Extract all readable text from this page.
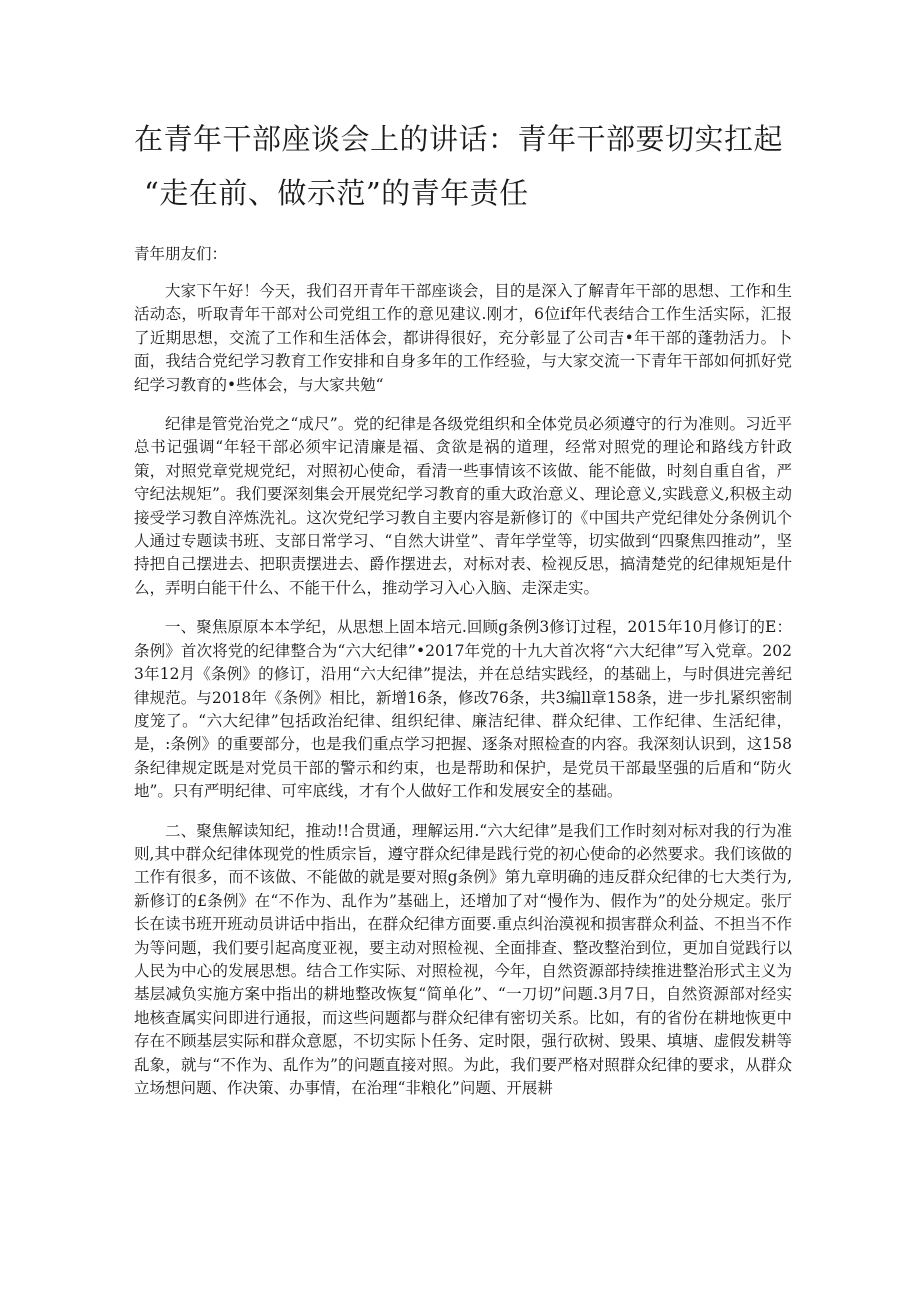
在青年干部座谈会上的讲话：青年干部要切实扛起
“走在前、做示范”的青年责任

青年朋友们：

大家下午好！今天，我们召开青年干部座谈会，目的是深入了解青年干部的思想、工作和生活动态，听取青年干部对公司党组工作的意见建议.刚才，6位if年代表结合工作生活实际，汇报了近期思想，交流了工作和生活体会，都讲得很好，充分彰显了公司吉•年干部的蓬勃活力。卜面，我结合党纪学习教育工作安排和自身多年的工作经验，与大家交流一下青年干部如何抓好党纪学习教育的•些体会，与大家共勉“

纪律是管党治党之“成尺”。党的纪律是各级党组织和全体党员必须遵守的行为准则。习近平总书记强调“年轻干部必须牢记清廉是福、贪欲是祸的道理，经常对照党的理论和路线方针政策，对照党章党规党纪，对照初心使命，看清一些事情该不该做、能不能做，时刻自重自省，严守纪法规矩”。我们要深刻集会开展党纪学习教育的重大政治意义、理论意义,实践意义,积极主动接受学习教自淬炼洗礼。这次党纪学习教自主要内容是新修订的《中国共产党纪律处分条例讥个人通过专题读书班、支部日常学习、“自然大讲堂”、青年学堂等，切实做到“四聚焦四推动”，坚持把自己摆进去、把职责摆进去、爵作摆进去，对标对表、检视反思，搞清楚党的纪律规矩是什么，弄明白能干什么、不能干什么，推动学习入心入脑、走深走实。

一、聚焦原原本本学纪，从思想上固本培元.回顾g条例3修订过程，2015年10月修订的E：条例》首次将党的纪律整合为“六大纪律”•2017年党的十九大首次将“六大纪律”写入党章。2023年12月《条例》的修订，沿用“六大纪律”提法，并在总结实践经，的基础上，与时俱进完善纪律规范。与2018年《条例》相比，新增16条，修改76条，共3编ll章158条，进一步扎紧织密制度笼了。“六大纪律”包括政治纪律、组织纪律、廉洁纪律、群众纪律、工作纪律、生活纪律，是，:条例》的重要部分，也是我们重点学习把握、逐条对照检查的内容。我深刻认识到，这158条纪律规定既是对党员干部的警示和约束，也是帮助和保护，是党员干部最坚强的后盾和“防火地”。只有严明纪律、可牢底线，才有个人做好工作和发展安全的基础。

二、聚焦解读知纪，推动!!合贯通，理解运用.“六大纪律”是我们工作时刻对标对我的行为准则,其中群众纪律体现党的性质宗旨，遵守群众纪律是践行党的初心使命的必然要求。我们该做的工作有很多，而不该做、不能做的就是要对照g条例》第九章明确的违反群众纪律的七大类行为,新修订的£条例》在“不作为、乱作为”基础上，还增加了对“慢作为、假作为”的处分规定。张厅长在读书班开班动员讲话中指出，在群众纪律方面要.重点纠治漠视和损害群众利益、不担当不作为等问题，我们要引起高度亚视，要主动对照检视、全面排查、整改整治到位，更加自觉践行以人民为中心的发展思想。结合工作实际、对照检视，今年，自然资源部持续推进整治形式主义为基层减负实施方案中指出的耕地整改恢复“简单化”、“一刀切”问题.3月7日，自然资源部对经实地核查属实问即进行通报，而这些问题都与群众纪律有密切关系。比如，有的省份在耕地恢更中存在不顾基层实际和群众意愿，不切实际卜任务、定时限，强行砍树、毁果、填塘、虚假发耕等乱象，就与“不作为、乱作为”的问题直接对照。为此，我们要严格对照群众纪律的要求，从群众立场想问题、作决策、办事情，在治理“非粮化”问题、开展耕
